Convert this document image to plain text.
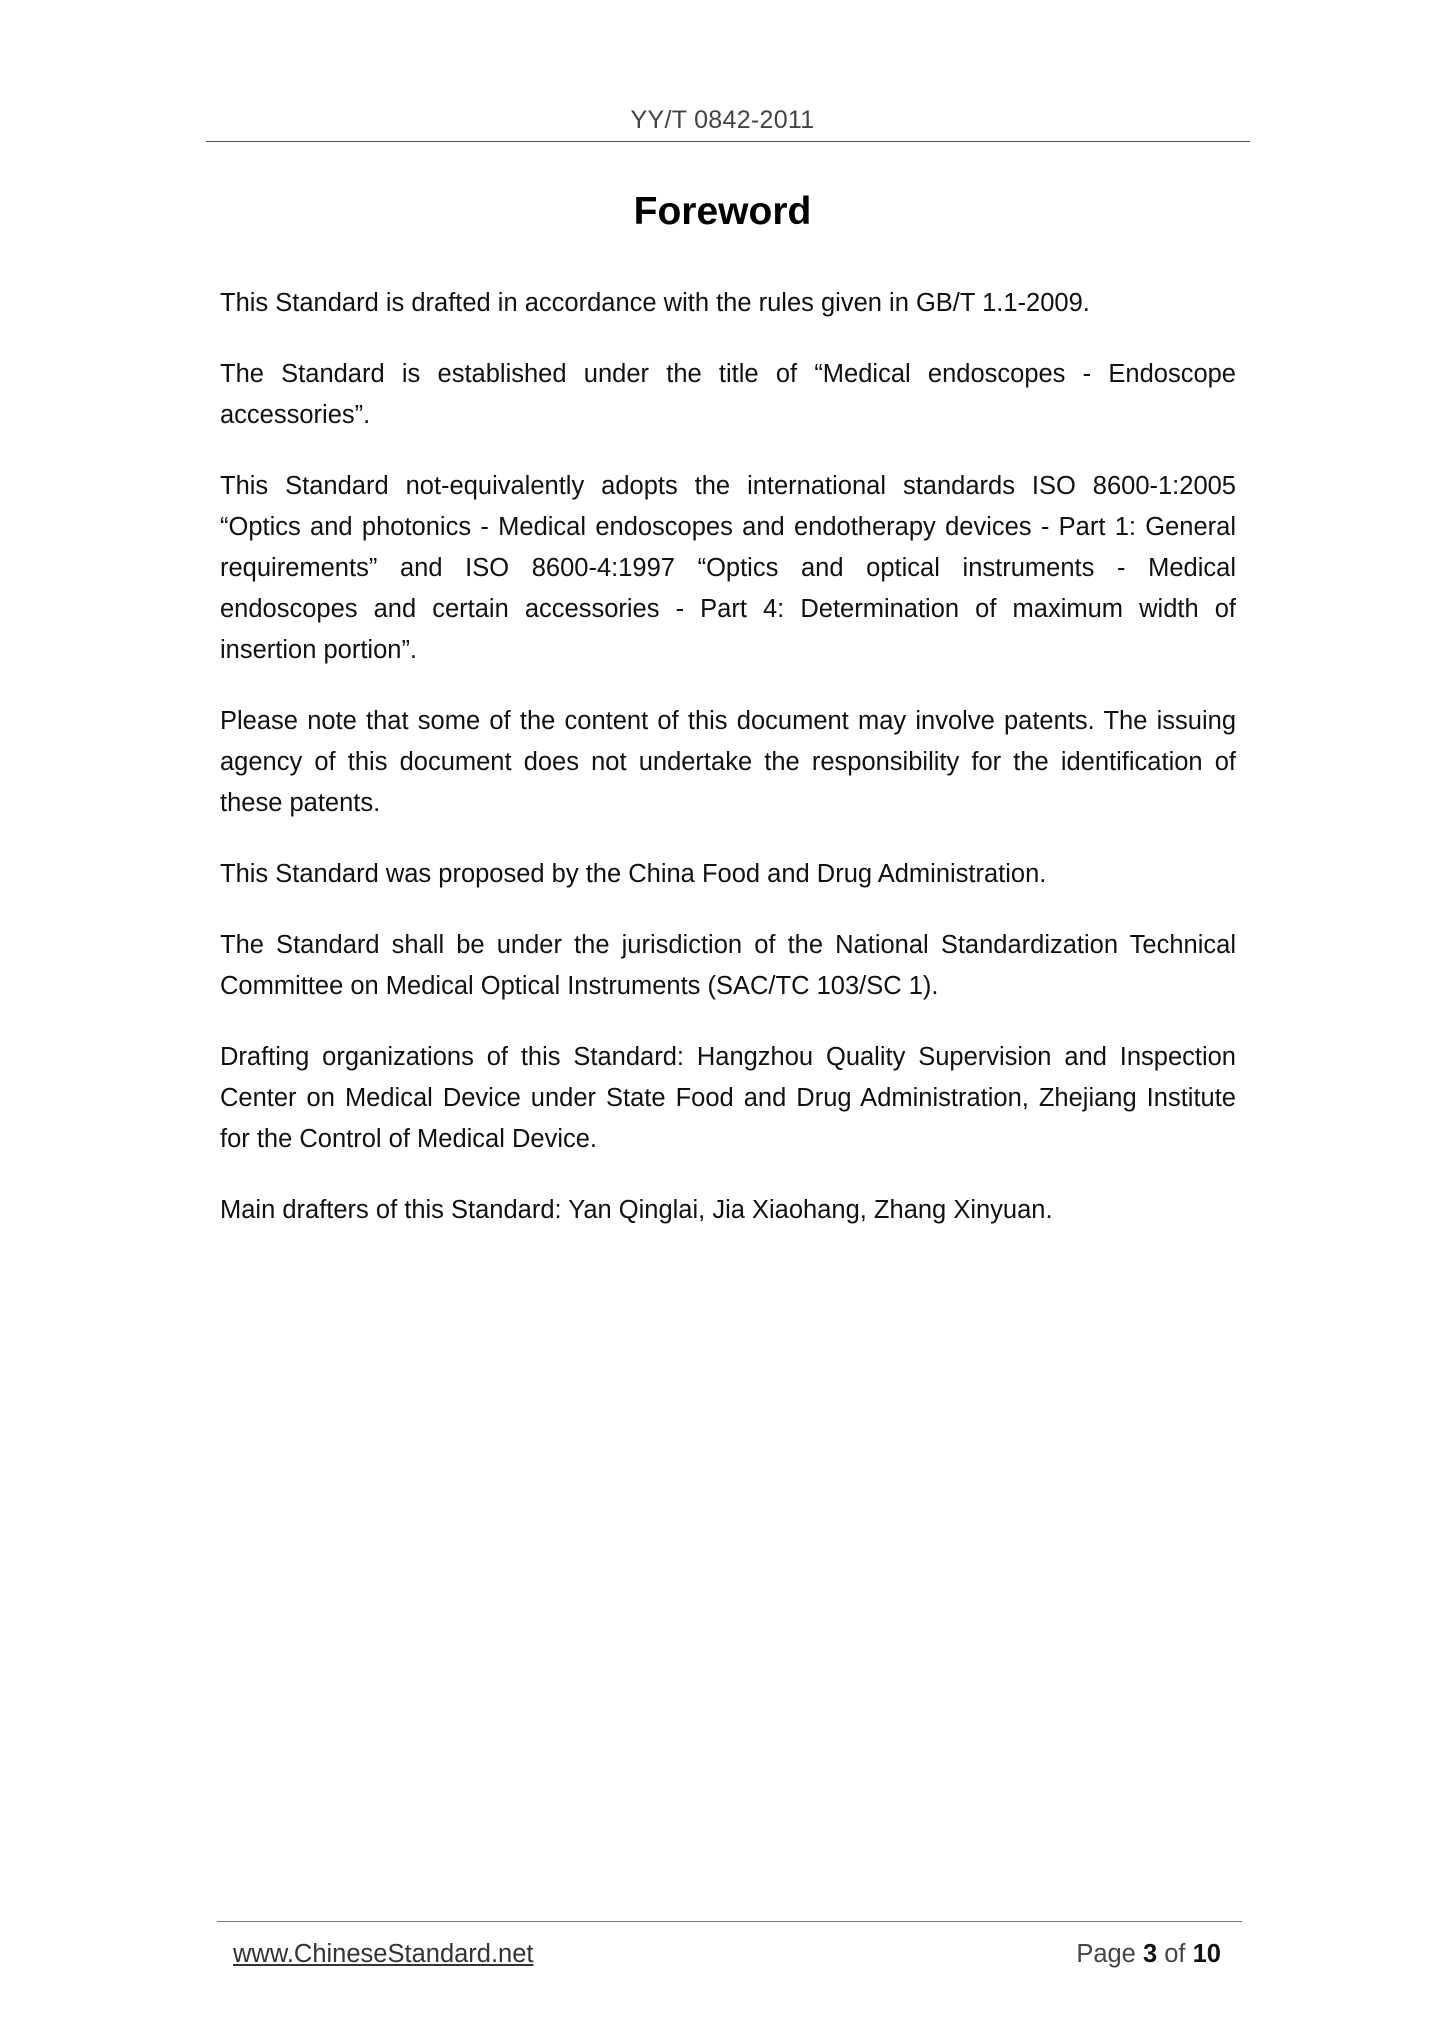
YY/T 0842-2011
Foreword

This Standard is drafted in accordance with the rules given in GB/T 1.1-2009.

The Standard is established under the title of “Medical endoscopes - Endoscope accessories”.

This Standard not-equivalently adopts the international standards ISO 8600-1:2005 “Optics and photonics - Medical endoscopes and endotherapy devices - Part 1: General requirements” and ISO 8600-4:1997 “Optics and optical instruments - Medical endoscopes and certain accessories - Part 4: Determination of maximum width of insertion portion”.

Please note that some of the content of this document may involve patents. The issuing agency of this document does not undertake the responsibility for the identification of these patents.

This Standard was proposed by the China Food and Drug Administration.

The Standard shall be under the jurisdiction of the National Standardization Technical Committee on Medical Optical Instruments (SAC/TC 103/SC 1).

Drafting organizations of this Standard: Hangzhou Quality Supervision and Inspection Center on Medical Device under State Food and Drug Administration, Zhejiang Institute for the Control of Medical Device.

Main drafters of this Standard: Yan Qinglai, Jia Xiaohang, Zhang Xinyuan.

www.ChineseStandard.net	Page 3 of 10
